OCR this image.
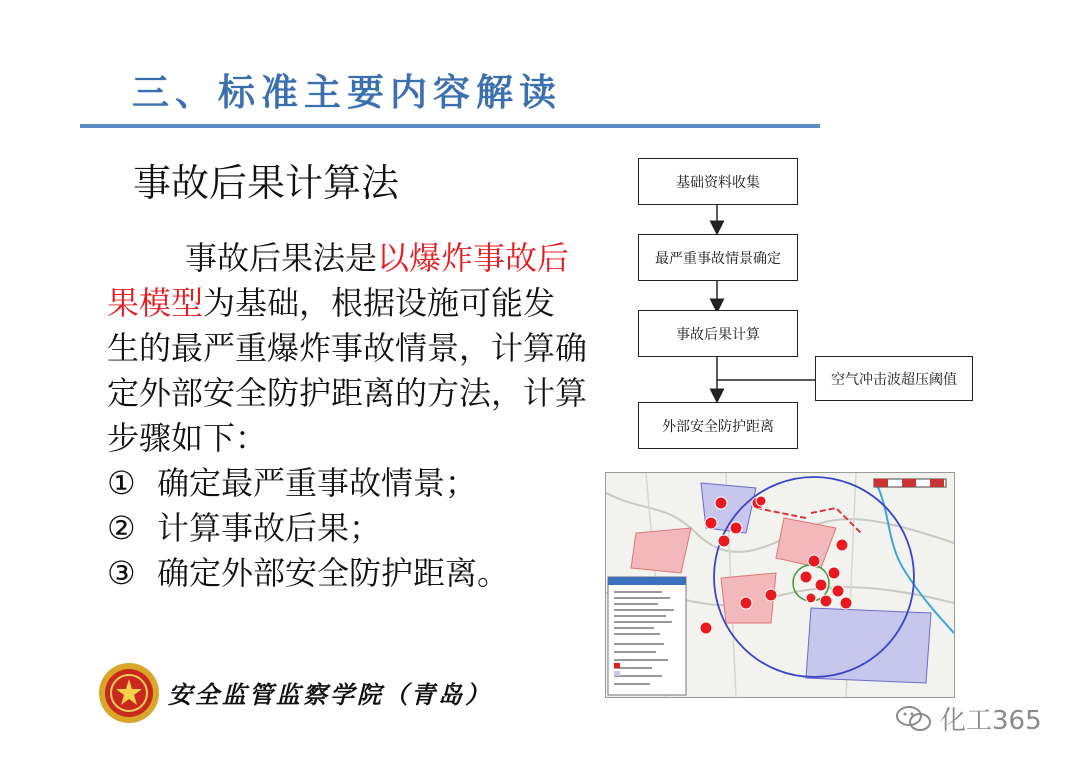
三、标准主要内容解读
事故后果计算法
事故后果法是以爆炸事故后果模型为基础，根据设施可能发生的最严重爆炸事故情景，计算确定外部安全防护距离的方法，计算步骤如下：
① 确定最严重事故情景；
② 计算事故后果；
③ 确定外部安全防护距离。
基础资料收集
最严重事故情景确定
事故后果计算
空气冲击波超压阈值
外部安全防护距离
安全监管监察学院（青岛）
化工365
